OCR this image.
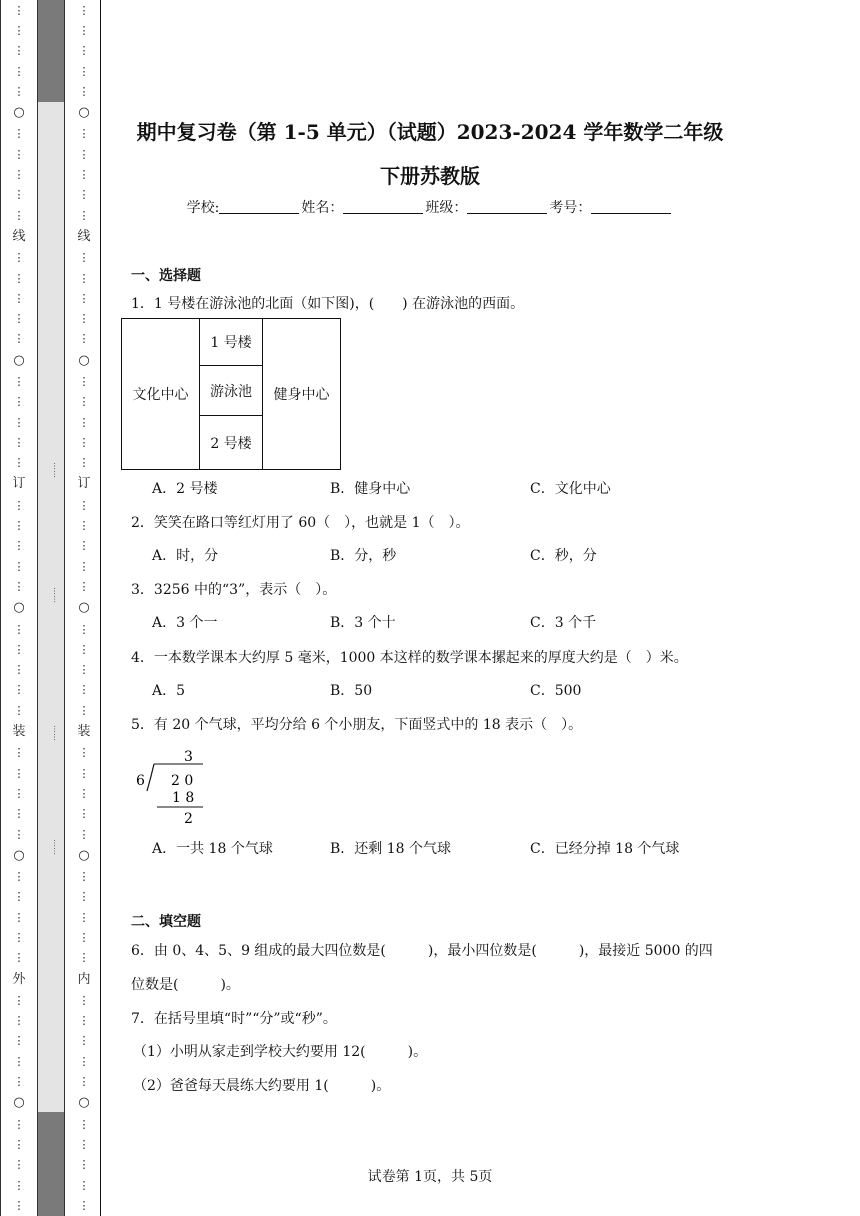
⋮
⋮
⋮
⋮
⋮
○
⋮
⋮
⋮
⋮
⋮
线
⋮
⋮
⋮
⋮
⋮
○
⋮
⋮
⋮
⋮
⋮
订
⋮
⋮
⋮
⋮
⋮
○
⋮
⋮
⋮
⋮
⋮
装
⋮
⋮
⋮
⋮
⋮
○
⋮
⋮
⋮
⋮
⋮
外
⋮
⋮
⋮
⋮
⋮
○
⋮
⋮
⋮
⋮
⋮
……
……
……
……
⋮
⋮
⋮
⋮
⋮
○
⋮
⋮
⋮
⋮
⋮
线
⋮
⋮
⋮
⋮
⋮
○
⋮
⋮
⋮
⋮
⋮
订
⋮
⋮
⋮
⋮
⋮
○
⋮
⋮
⋮
⋮
⋮
装
⋮
⋮
⋮
⋮
⋮
○
⋮
⋮
⋮
⋮
⋮
内
⋮
⋮
⋮
⋮
⋮
○
⋮
⋮
⋮
⋮
⋮
期中复习卷（第 1-5 单元）（试题）2023-2024 学年数学二年级
下册苏教版
学校:	姓名：	班级：	考号：
一、选择题
1．1 号楼在游泳池的北面（如下图)，(　　) 在游泳池的西面。
文化中心
1 号楼
游泳池
2 号楼
健身中心
A．2 号楼	B．健身中心	C．文化中心
2．笑笑在路口等红灯用了 60（　），也就是 1（　）。
A．时，分	B．分，秒	C．秒，分
3．3256 中的“3”，表示（　）。
A．3 个一	B．3 个十	C．3 个千
4．一本数学课本大约厚 5 毫米，1000 本这样的数学课本摞起来的厚度大约是（　）米。
A．5	B．50	C．500
5．有 20 个气球，平均分给 6 个小朋友，下面竖式中的 18 表示（　）。
3
6 2 0
1 8
2
A．一共 18 个气球	B．还剩 18 个气球	C．已经分掉 18 个气球
二、填空题
6．由 0、4、5、9 组成的最大四位数是(　　　)，最小四位数是(　　　)，最接近 5000 的四
位数是(　　　)。
7．在括号里填“时”“分”或“秒”。
（1）小明从家走到学校大约要用 12(　　　)。
（2）爸爸每天晨练大约要用 1(　　　)。
试卷第 1页，共 5页
